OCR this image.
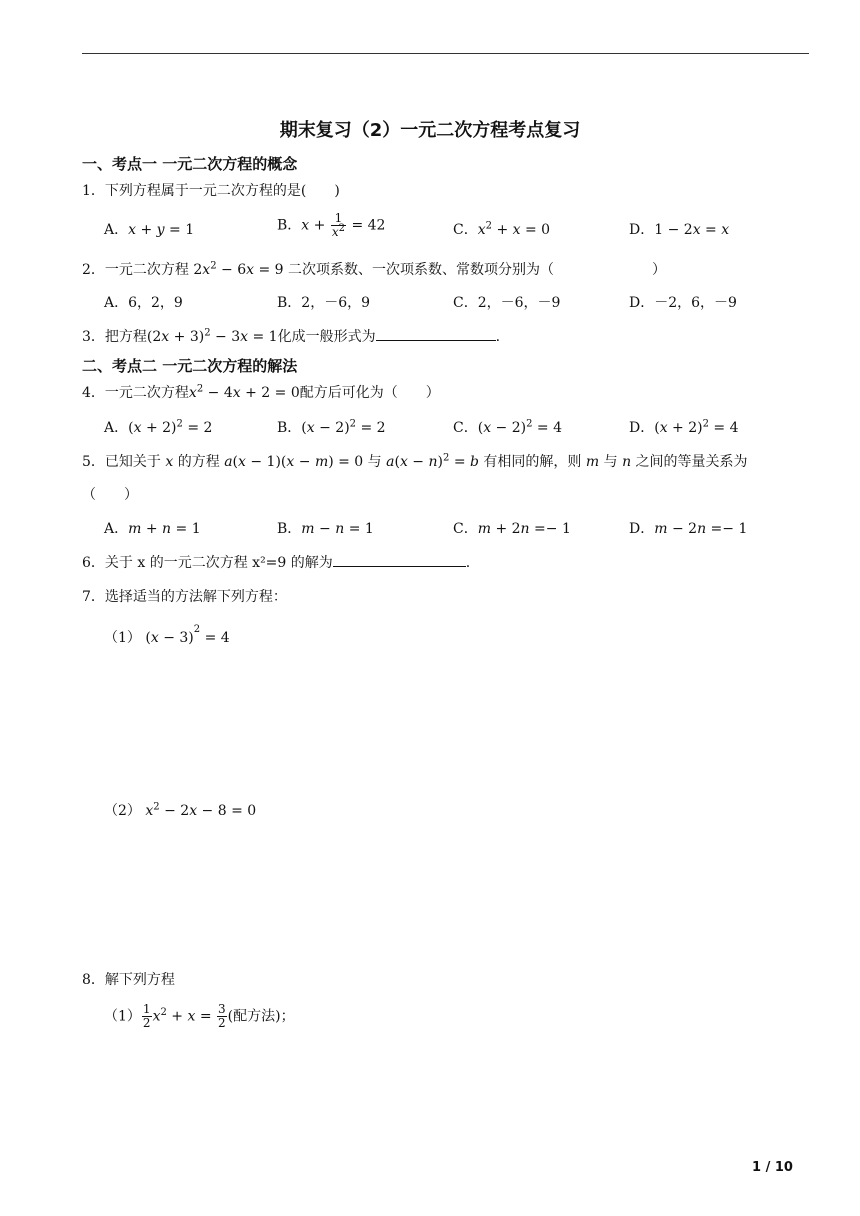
期末复习（2）一元二次方程考点复习
一、考点一 一元二次方程的概念
1．下列方程属于一元二次方程的是(　　)
A．x + y = 1	B．$x + \frac{1}{x^2} = 42$	C．$x^2 + x = 0$	D．1 − 2x = x
2．一元二次方程 $2x^2 - 6x = 9$ 二次项系数、一次项系数、常数项分别为（　　　　　　　）
A．6，2，9	B．2，－6，9	C．2，－6，－9	D．－2，6，－9
3．把方程$(2x + 3)^2 - 3x = 1$化成一般形式为	.
二、考点二 一元二次方程的解法
4．一元二次方程$x^2 - 4x + 2 = 0$配方后可化为（　　）
A．$(x + 2)^2 = 2$	B．$(x - 2)^2 = 2$	C．$(x - 2)^2 = 4$	D．$(x + 2)^2 = 4$
5．已知关于 x 的方程 a(x − 1)(x − m) = 0 与 $a(x - n)^2 = b$ 有相同的解，则 m 与 n 之间的等量关系为
（　　）
A．m + n = 1	B．m − n = 1	C．m + 2n =− 1	D．m − 2n =− 1
6．关于 x 的一元二次方程 x²=9 的解为	.
7．选择适当的方法解下列方程：
（1） $(x - 3)^2 = 4$
（2） $x^2 - 2x - 8 = 0$
8．解下列方程
$(1) \frac{1}{2} x^2 + x = \frac{3}{2}$ (配方法)；
1 / 10
